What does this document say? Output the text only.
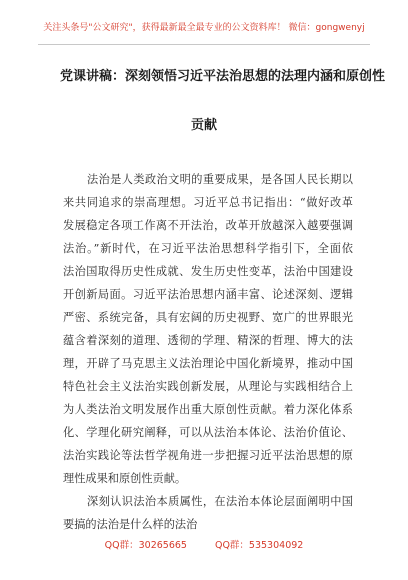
关注头条号"公文研究"，获得最新最全最专业的公文资料库！ 微信：gongwenyj
党课讲稿：深刻领悟习近平法治思想的法理内涵和原创性
贡献
法治是人类政治文明的重要成果，是各国人民长期以
来共同追求的崇高理想。习近平总书记指出：“做好改革
发展稳定各项工作离不开法治，改革开放越深入越要强调
法治。”新时代，在习近平法治思想科学指引下，全面依
法治国取得历史性成就、发生历史性变革，法治中国建设
开创新局面。习近平法治思想内涵丰富、论述深刻、逻辑
严密、系统完备，具有宏阔的历史视野、宽广的世界眼光
蕴含着深刻的道理、透彻的学理、精深的哲理、博大的法
理，开辟了马克思主义法治理论中国化新境界，推动中国
特色社会主义法治实践创新发展，从理论与实践相结合上
为人类法治文明发展作出重大原创性贡献。着力深化体系
化、学理化研究阐释，可以从法治本体论、法治价值论、
法治实践论等法哲学视角进一步把握习近平法治思想的原
理性成果和原创性贡献。
深刻认识法治本质属性，在法治本体论层面阐明中国
要搞的法治是什么样的法治
QQ群：30265665	QQ群：535304092
